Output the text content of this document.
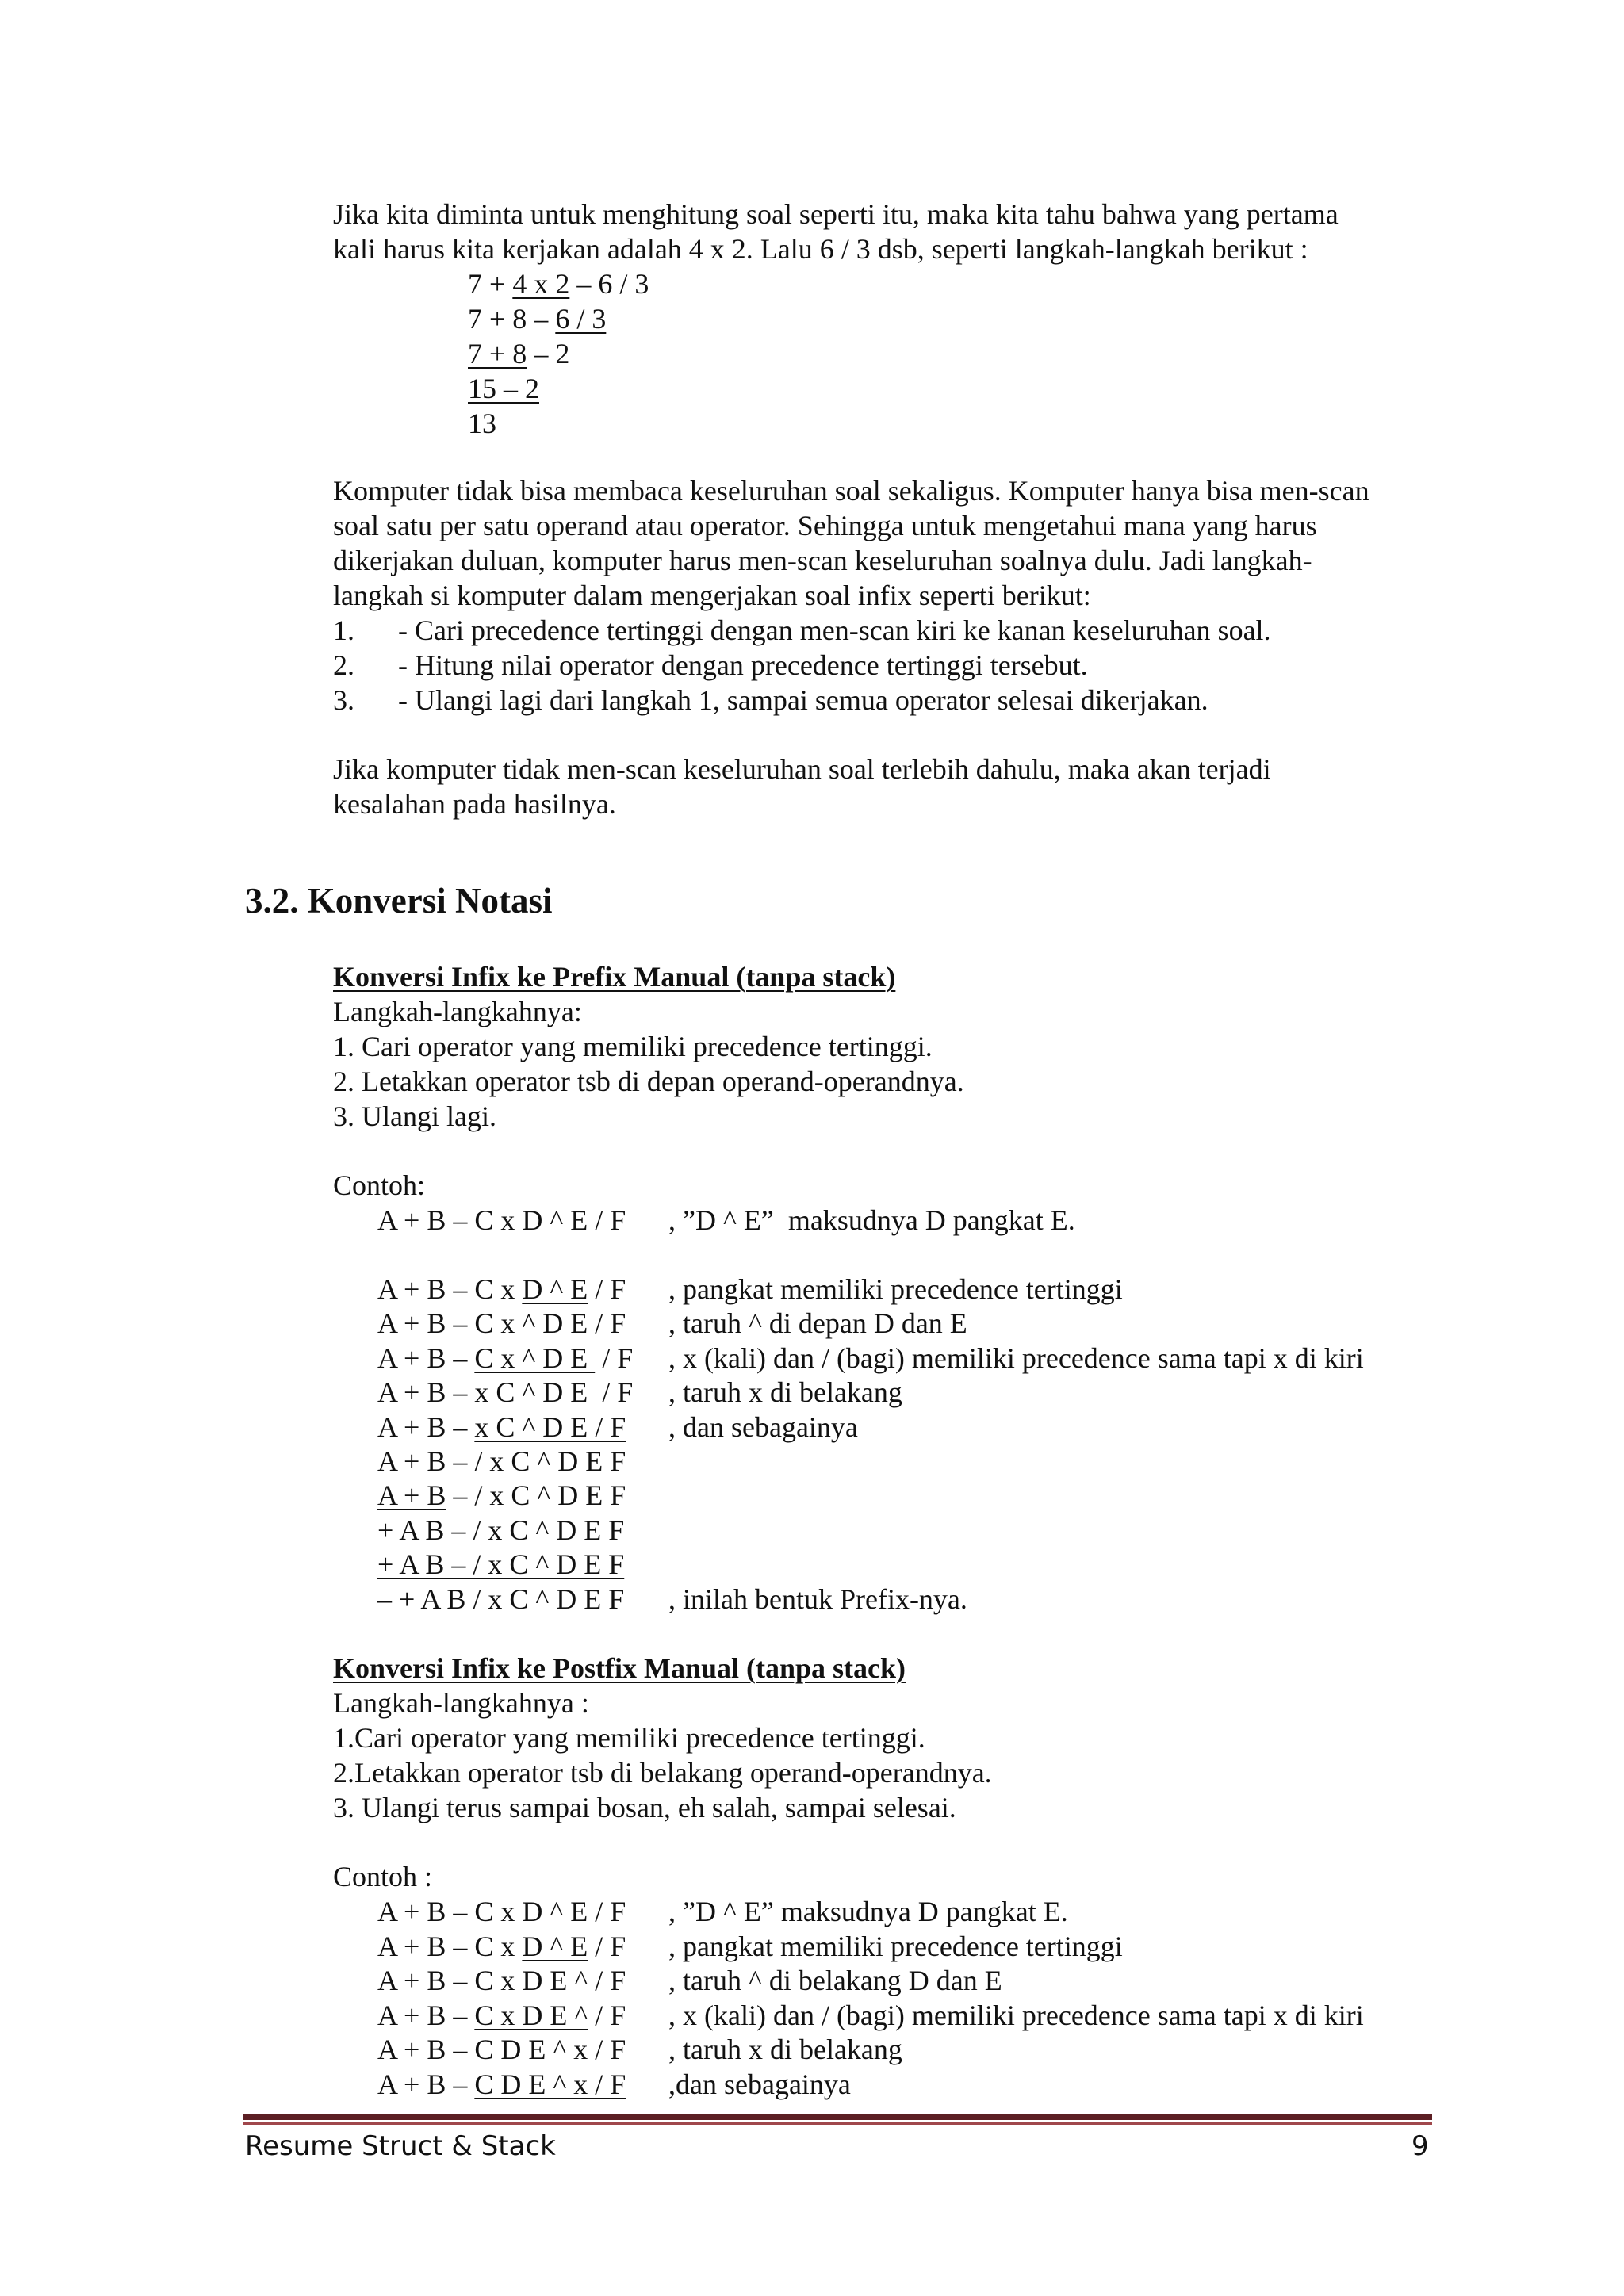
Jika kita diminta untuk menghitung soal seperti itu, maka kita tahu bahwa yang pertama
kali harus kita kerjakan adalah 4 x 2. Lalu 6 / 3 dsb, seperti langkah-langkah berikut :
7 + 4 x 2 – 6 / 3
7 + 8 – 6 / 3
7 + 8 – 2
15 – 2
13
Komputer tidak bisa membaca keseluruhan soal sekaligus. Komputer hanya bisa men-scan
soal satu per satu operand atau operator. Sehingga untuk mengetahui mana yang harus
dikerjakan duluan, komputer harus men-scan keseluruhan soalnya dulu. Jadi langkah-
langkah si komputer dalam mengerjakan soal infix seperti berikut:
1. - Cari precedence tertinggi dengan men-scan kiri ke kanan keseluruhan soal.
2. - Hitung nilai operator dengan precedence tertinggi tersebut.
3. - Ulangi lagi dari langkah 1, sampai semua operator selesai dikerjakan.
Jika komputer tidak men-scan keseluruhan soal terlebih dahulu, maka akan terjadi
kesalahan pada hasilnya.
3.2. Konversi Notasi
Konversi Infix ke Prefix Manual (tanpa stack)
Langkah-langkahnya:
1. Cari operator yang memiliki precedence tertinggi.
2. Letakkan operator tsb di depan operand-operandnya.
3. Ulangi lagi.
Contoh:
A + B – C x D ^ E / F , ”D ^ E”  maksudnya D pangkat E.
A + B – C x D ^ E / F , pangkat memiliki precedence tertinggi
A + B – C x ^ D E / F , taruh ^ di depan D dan E
A + B – C x ^ D E  / F , x (kali) dan / (bagi) memiliki precedence sama tapi x di kiri
A + B – x C ^ D E  / F , taruh x di belakang
A + B – x C ^ D E / F , dan sebagainya
A + B – / x C ^ D E F
A + B – / x C ^ D E F
+ A B – / x C ^ D E F
+ A B – / x C ^ D E F
– + A B / x C ^ D E F , inilah bentuk Prefix-nya.
Konversi Infix ke Postfix Manual (tanpa stack)
Langkah-langkahnya :
1.Cari operator yang memiliki precedence tertinggi.
2.Letakkan operator tsb di belakang operand-operandnya.
3. Ulangi terus sampai bosan, eh salah, sampai selesai.
Contoh :
A + B – C x D ^ E / F , ”D ^ E” maksudnya D pangkat E.
A + B – C x D ^ E / F , pangkat memiliki precedence tertinggi
A + B – C x D E ^ / F , taruh ^ di belakang D dan E
A + B – C x D E ^ / F , x (kali) dan / (bagi) memiliki precedence sama tapi x di kiri
A + B – C D E ^ x / F , taruh x di belakang
A + B – C D E ^ x / F ,dan sebagainya
Resume Struct & Stack	9
